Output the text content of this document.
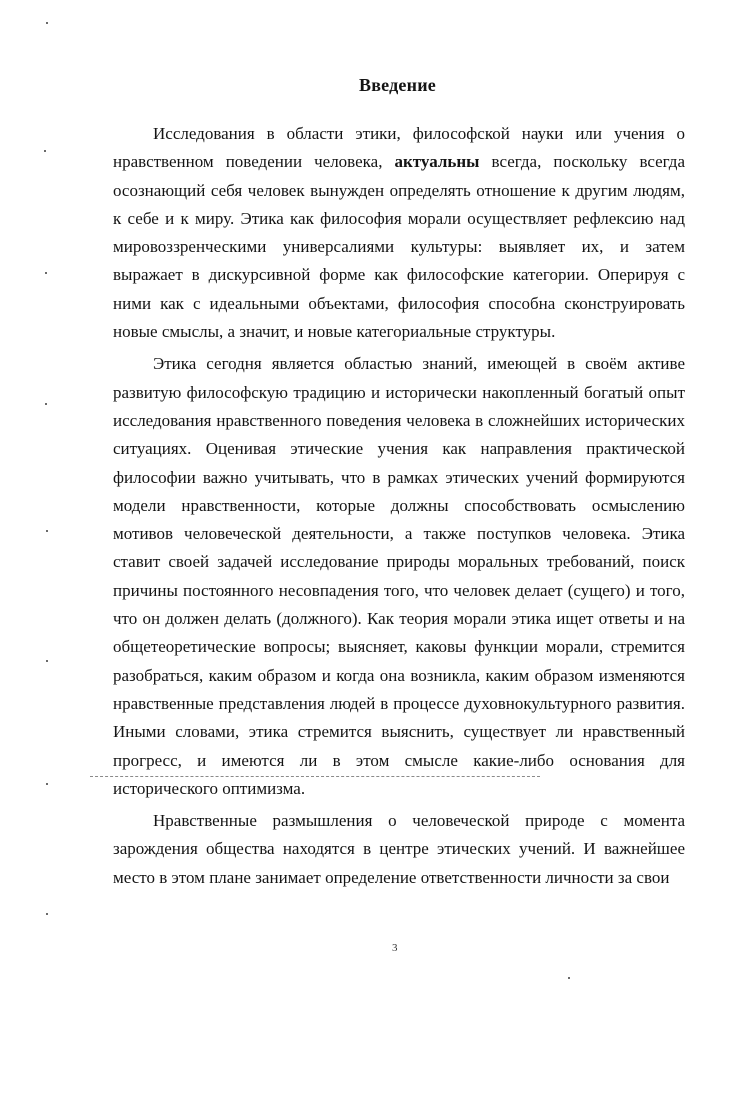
Введение

Исследования в области этики, философской науки или учения о нравственном поведении человека, актуальны всегда, поскольку всегда осознающий себя человек вынужден определять отношение к другим людям, к себе и к миру. Этика как философия морали осуществляет рефлексию над мировоззренческими универсалиями культуры: выявляет их, и затем выражает в дискурсивной форме как философские категории. Оперируя с ними как с идеальными объектами, философия способна сконструировать новые смыслы, а значит, и новые категориальные структуры.

Этика сегодня является областью знаний, имеющей в своём активе развитую философскую традицию и исторически накопленный богатый опыт исследования нравственного поведения человека в сложнейших исторических ситуациях. Оценивая этические учения как направления практической философии важно учитывать, что в рамках этических учений формируются модели нравственности, которые должны способствовать осмыслению мотивов человеческой деятельности, а также поступков человека. Этика ставит своей задачей исследование природы моральных требований, поиск причины постоянного несовпадения того, что человек делает (сущего) и того, что он должен делать (должного). Как теория морали этика ищет ответы и на общетеоретические вопросы; выясняет, каковы функции морали, стремится разобраться, каким образом и когда она возникла, каким образом изменяются нравственные представления людей в процессе духовнокультурного развития. Иными словами, этика стремится выяснить, существует ли нравственный прогресс, и имеются ли в этом смысле какие-либо основания для исторического оптимизма.

Нравственные размышления о человеческой природе с момента зарождения общества находятся в центре этических учений. И важнейшее место в этом плане занимает определение ответственности личности за свои

3
